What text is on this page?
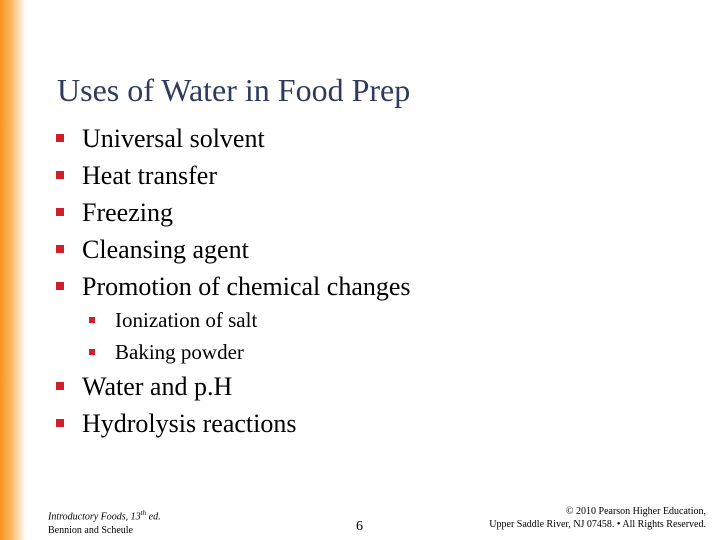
Uses of Water in Food Prep
Universal solvent
Heat transfer
Freezing
Cleansing agent
Promotion of chemical changes
Ionization of salt
Baking powder
Water and p.H
Hydrolysis reactions
Introductory Foods, 13th ed.
Bennion and Scheule	6
© 2010 Pearson Higher Education,
Upper Saddle River, NJ 07458. • All Rights Reserved.
